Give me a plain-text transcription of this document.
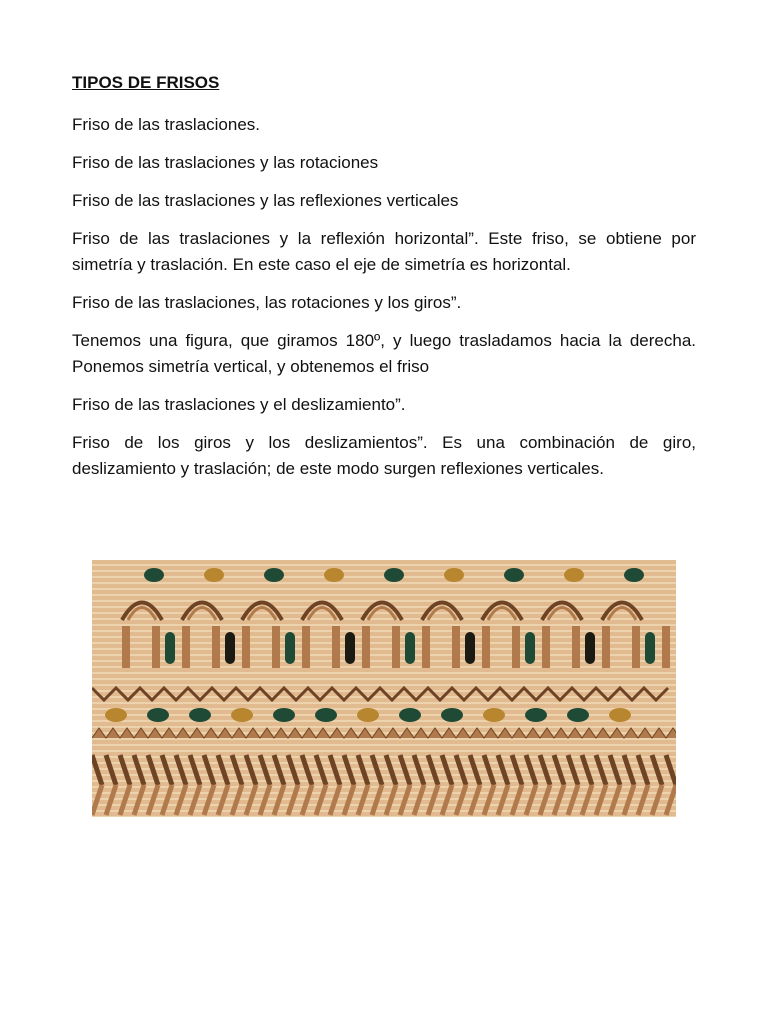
TIPOS DE FRISOS

Friso de las traslaciones.

Friso de las traslaciones y las rotaciones

Friso de las traslaciones y las reflexiones verticales

Friso de las traslaciones y la reflexión horizontal”. Este friso, se obtiene por simetría y traslación. En este caso el eje de simetría es horizontal.

Friso de las traslaciones, las rotaciones y los giros”.

Tenemos una figura, que giramos 180º, y luego trasladamos hacia la derecha. Ponemos simetría vertical, y obtenemos el friso

Friso de las traslaciones y el deslizamiento”.

Friso de los giros y los deslizamientos”. Es una combinación de giro, deslizamiento y traslación; de este modo surgen reflexiones verticales.
